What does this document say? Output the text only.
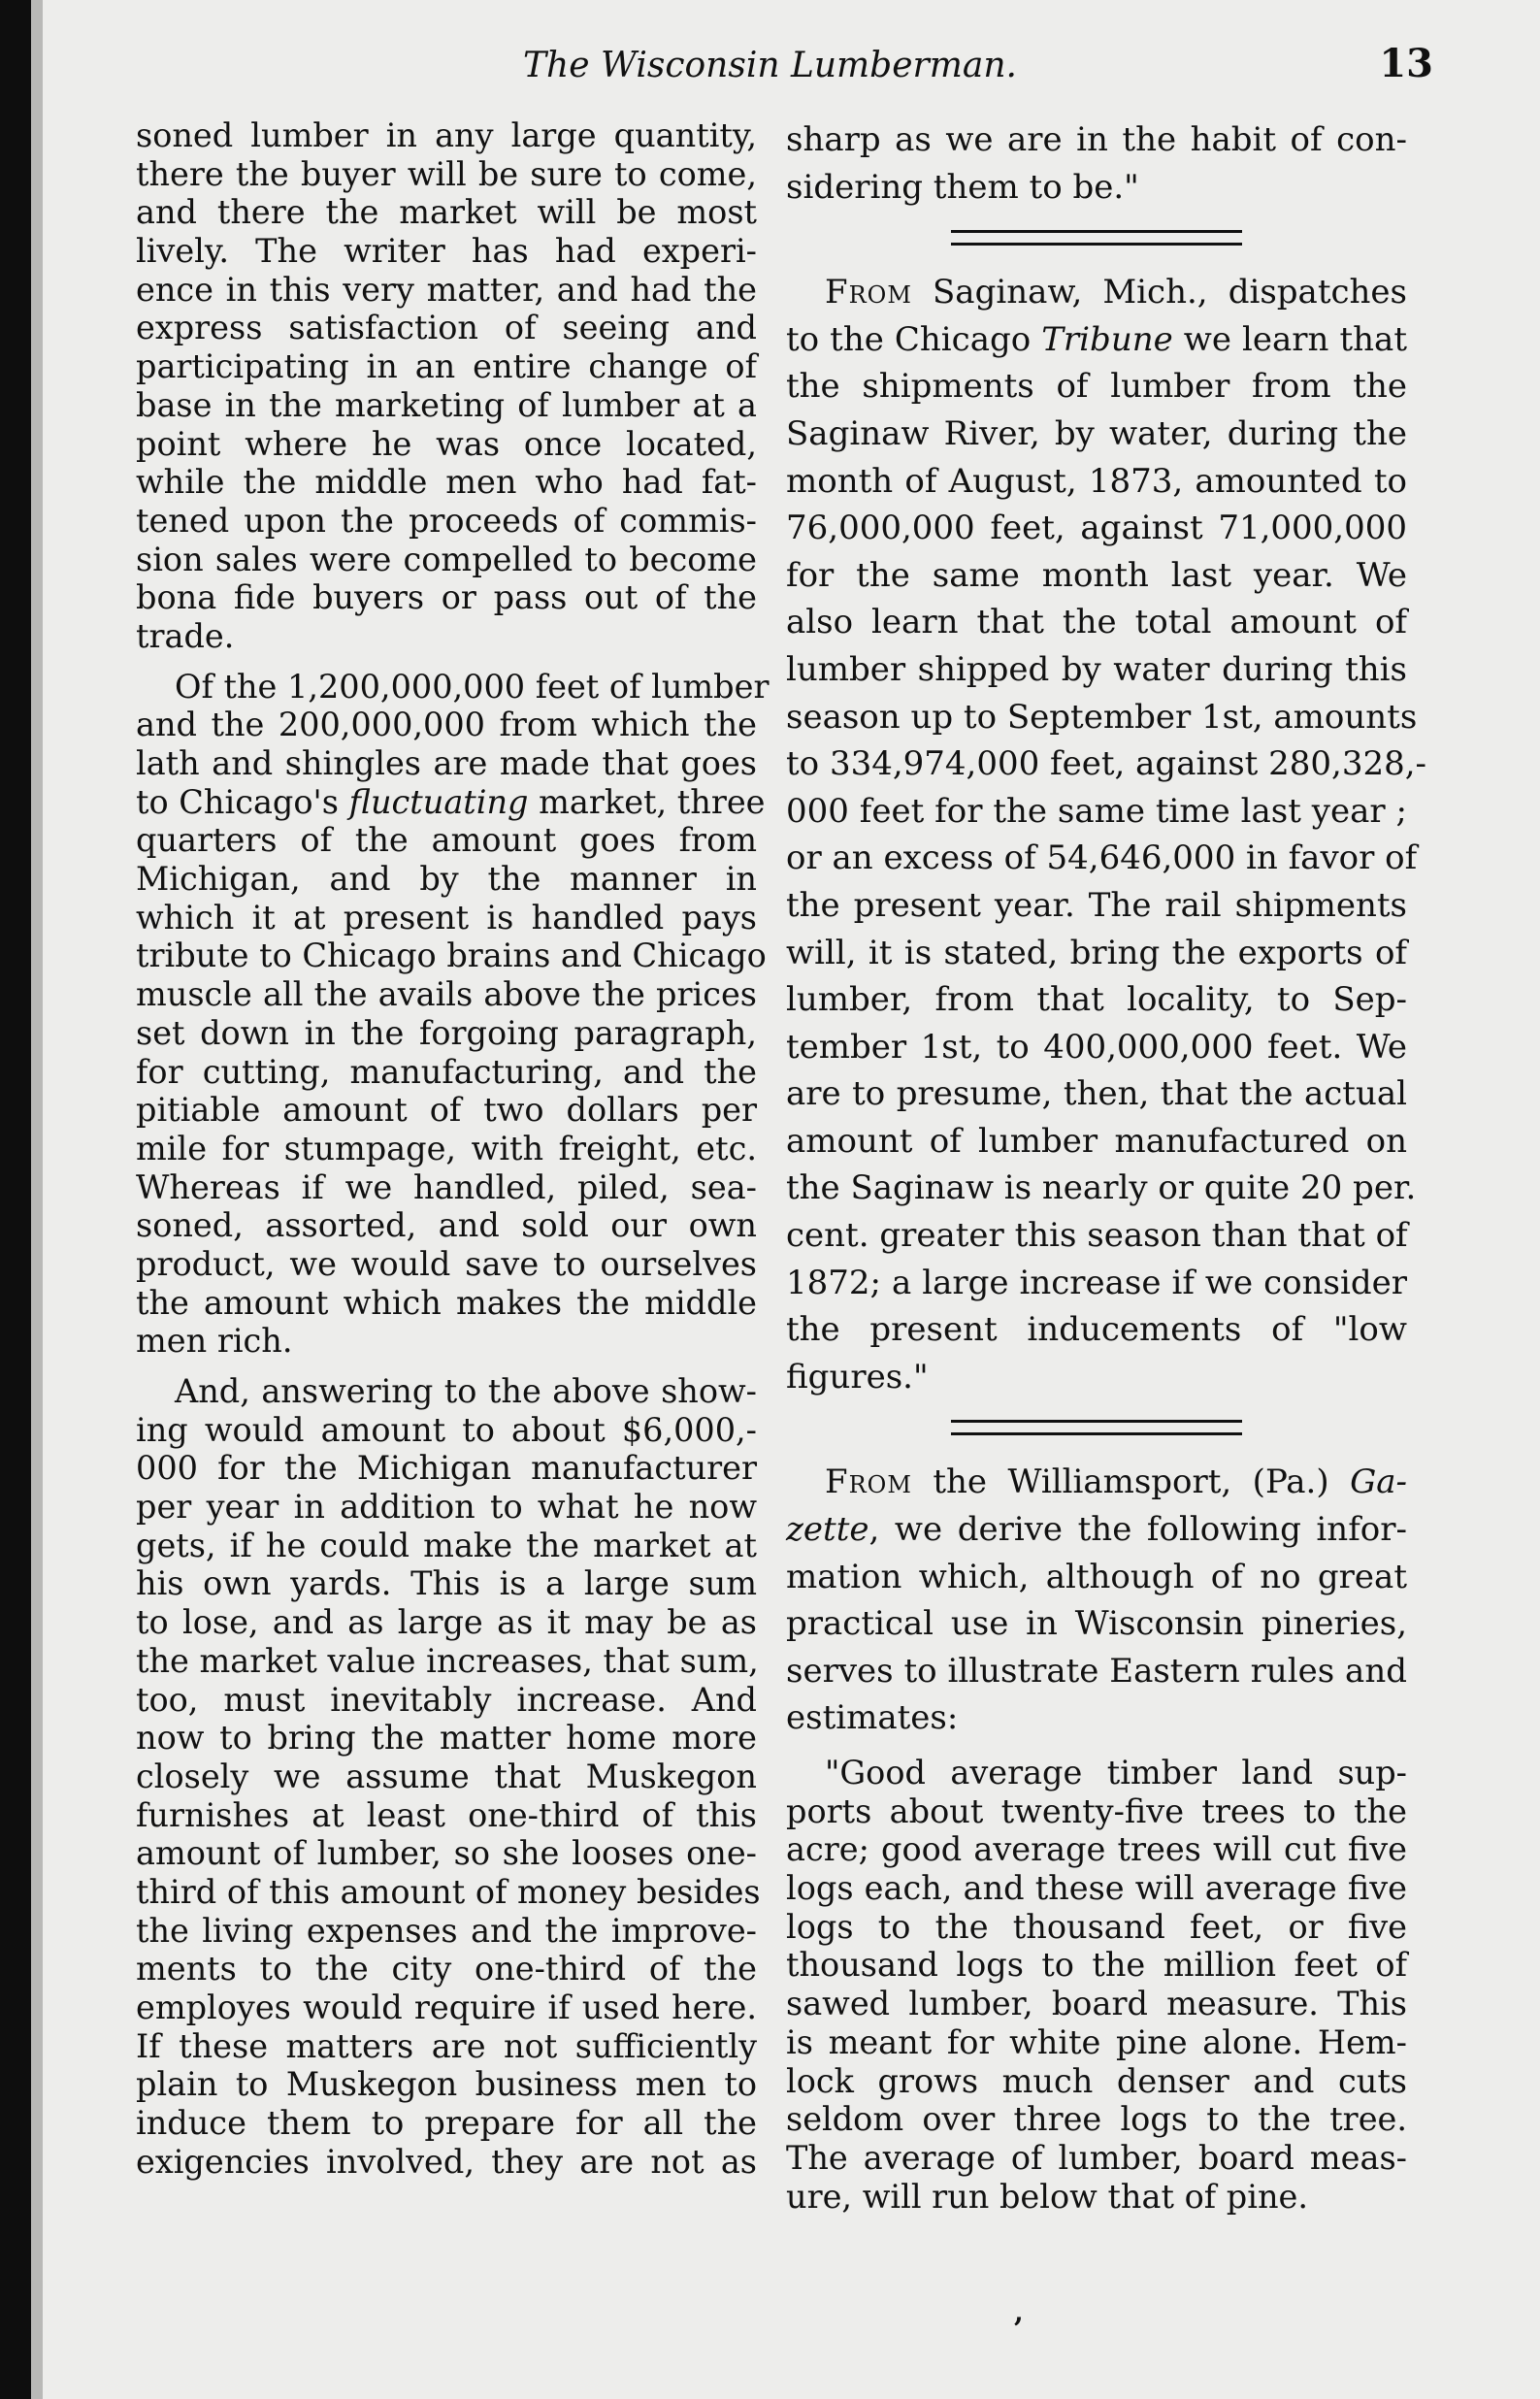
The Wisconsin Lumberman.	13
soned lumber in any large quantity,
there the buyer will be sure to come,
and there the market will be most
lively. The writer has had experi-
ence in this very matter, and had the
express satisfaction of seeing and
participating in an entire change of
base in the marketing of lumber at a
point where he was once located,
while the middle men who had fat-
tened upon the proceeds of commis-
sion sales were compelled to become
bona fide buyers or pass out of the
trade.
Of the 1,200,000,000 feet of lumber
and the 200,000,000 from which the
lath and shingles are made that goes
to Chicago's fluctuating market, three
quarters of the amount goes from
Michigan, and by the manner in
which it at present is handled pays
tribute to Chicago brains and Chicago
muscle all the avails above the prices
set down in the forgoing paragraph,
for cutting, manufacturing, and the
pitiable amount of two dollars per
mile for stumpage, with freight, etc.
Whereas if we handled, piled, sea-
soned, assorted, and sold our own
product, we would save to ourselves
the amount which makes the middle
men rich.
And, answering to the above show-
ing would amount to about $6,000,-
000 for the Michigan manufacturer
per year in addition to what he now
gets, if he could make the market at
his own yards. This is a large sum
to lose, and as large as it may be as
the market value increases, that sum,
too, must inevitably increase. And
now to bring the matter home more
closely we assume that Muskegon
furnishes at least one-third of this
amount of lumber, so she looses one-
third of this amount of money besides
the living expenses and the improve-
ments to the city one-third of the
employes would require if used here.
If these matters are not sufficiently
plain to Muskegon business men to
induce them to prepare for all the
exigencies involved, they are not as
sharp as we are in the habit of con-
sidering them to be."
From Saginaw, Mich., dispatches
to the Chicago Tribune we learn that
the shipments of lumber from the
Saginaw River, by water, during the
month of August, 1873, amounted to
76,000,000 feet, against 71,000,000
for the same month last year. We
also learn that the total amount of
lumber shipped by water during this
season up to September 1st, amounts
to 334,974,000 feet, against 280,328,-
000 feet for the same time last year ;
or an excess of 54,646,000 in favor of
the present year. The rail shipments
will, it is stated, bring the exports of
lumber, from that locality, to Sep-
tember 1st, to 400,000,000 feet. We
are to presume, then, that the actual
amount of lumber manufactured on
the Saginaw is nearly or quite 20 per.
cent. greater this season than that of
1872; a large increase if we consider
the present inducements of "low
figures."
From the Williamsport, (Pa.) Ga-
zette, we derive the following infor-
mation which, although of no great
practical use in Wisconsin pineries,
serves to illustrate Eastern rules and
estimates:
"Good average timber land sup-
ports about twenty-five trees to the
acre; good average trees will cut five
logs each, and these will average five
logs to the thousand feet, or five
thousand logs to the million feet of
sawed lumber, board measure. This
is meant for white pine alone. Hem-
lock grows much denser and cuts
seldom over three logs to the tree.
The average of lumber, board meas-
ure, will run below that of pine.
,
